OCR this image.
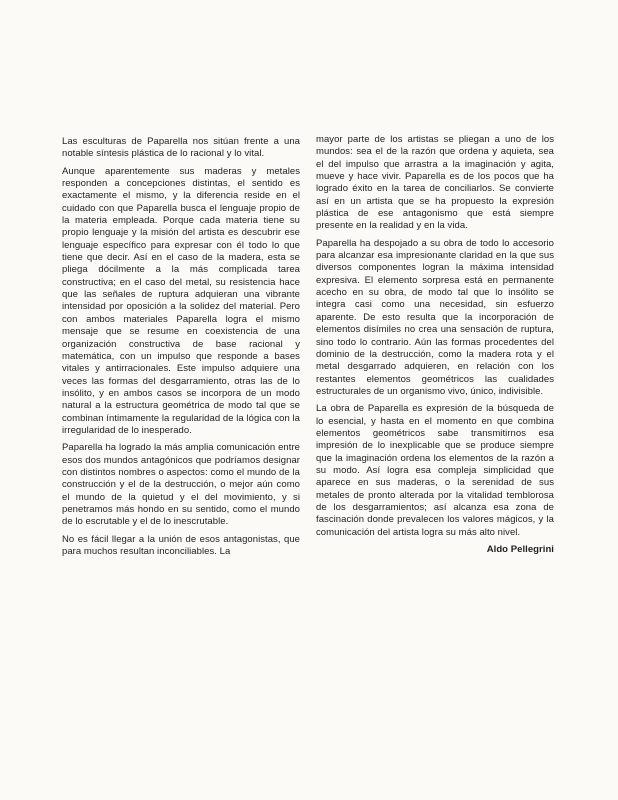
Las esculturas de Paparella nos sitúan frente a una notable síntesis plástica de lo racional y lo vital.

Aunque aparentemente sus maderas y metales responden a concepciones distintas, el sentido es exactamente el mismo, y la diferencia reside en el cuidado con que Paparella busca el lenguaje propio de la materia empleada. Porque cada materia tiene su propio lenguaje y la misión del artista es descubrir ese lenguaje específico para expresar con él todo lo que tiene que decir. Así en el caso de la madera, esta se pliega dócilmente a la más complicada tarea constructiva; en el caso del metal, su resistencia hace que las señales de ruptura adquieran una vibrante intensidad por oposición a la solidez del material. Pero con ambos materiales Paparella logra el mismo mensaje que se resume en coexistencia de una organización constructiva de base racional y matemática, con un impulso que responde a bases vitales y antirracionales. Este impulso adquiere una veces las formas del desgarramiento, otras las de lo insólito, y en ambos casos se incorpora de un modo natural a la estructura geométrica de modo tal que se combinan íntimamente la regularidad de la lógica con la irregularidad de lo inesperado.

Paparella ha logrado la más amplia comunicación entre esos dos mundos antagónicos que podríamos designar con distintos nombres o aspectos: como el mundo de la construcción y el de la destrucción, o mejor aún como el mundo de la quietud y el del movimiento, y si penetramos más hondo en su sentido, como el mundo de lo escrutable y el de lo inescrutable.

No es fácil llegar a la unión de esos antagonistas, que para muchos resultan inconciliables. La

mayor parte de los artistas se pliegan a uno de los mundos: sea el de la razón que ordena y aquieta, sea el del impulso que arrastra a la imaginación y agita, mueve y hace vivir. Paparella es de los pocos que ha logrado éxito en la tarea de conciliarlos. Se convierte así en un artista que se ha propuesto la expresión plástica de ese antagonismo que está siempre presente en la realidad y en la vida.

Paparella ha despojado a su obra de todo lo accesorio para alcanzar esa impresionante claridad en la que sus diversos componentes logran la máxima intensidad expresiva. El elemento sorpresa está en permanente acecho en su obra, de modo tal que lo insólito se integra casi como una necesidad, sin esfuerzo aparente. De esto resulta que la incorporación de elementos disímiles no crea una sensación de ruptura, sino todo lo contrario. Aún las formas procedentes del dominio de la destrucción, como la madera rota y el metal desgarrado adquieren, en relación con los restantes elementos geométricos las cualidades estructurales de un organismo vivo, único, indivisible.

La obra de Paparella es expresión de la búsqueda de lo esencial, y hasta en el momento en que combina elementos geométricos sabe transmitirnos esa impresión de lo inexplicable que se produce siempre que la imaginación ordena los elementos de la razón a su modo. Así logra esa compleja simplicidad que aparece en sus maderas, o la serenidad de sus metales de pronto alterada por la vitalidad temblorosa de los desgarramientos; así alcanza esa zona de fascinación donde prevalecen los valores mágicos, y la comunicación del artista logra su más alto nivel.

Aldo Pellegrini
